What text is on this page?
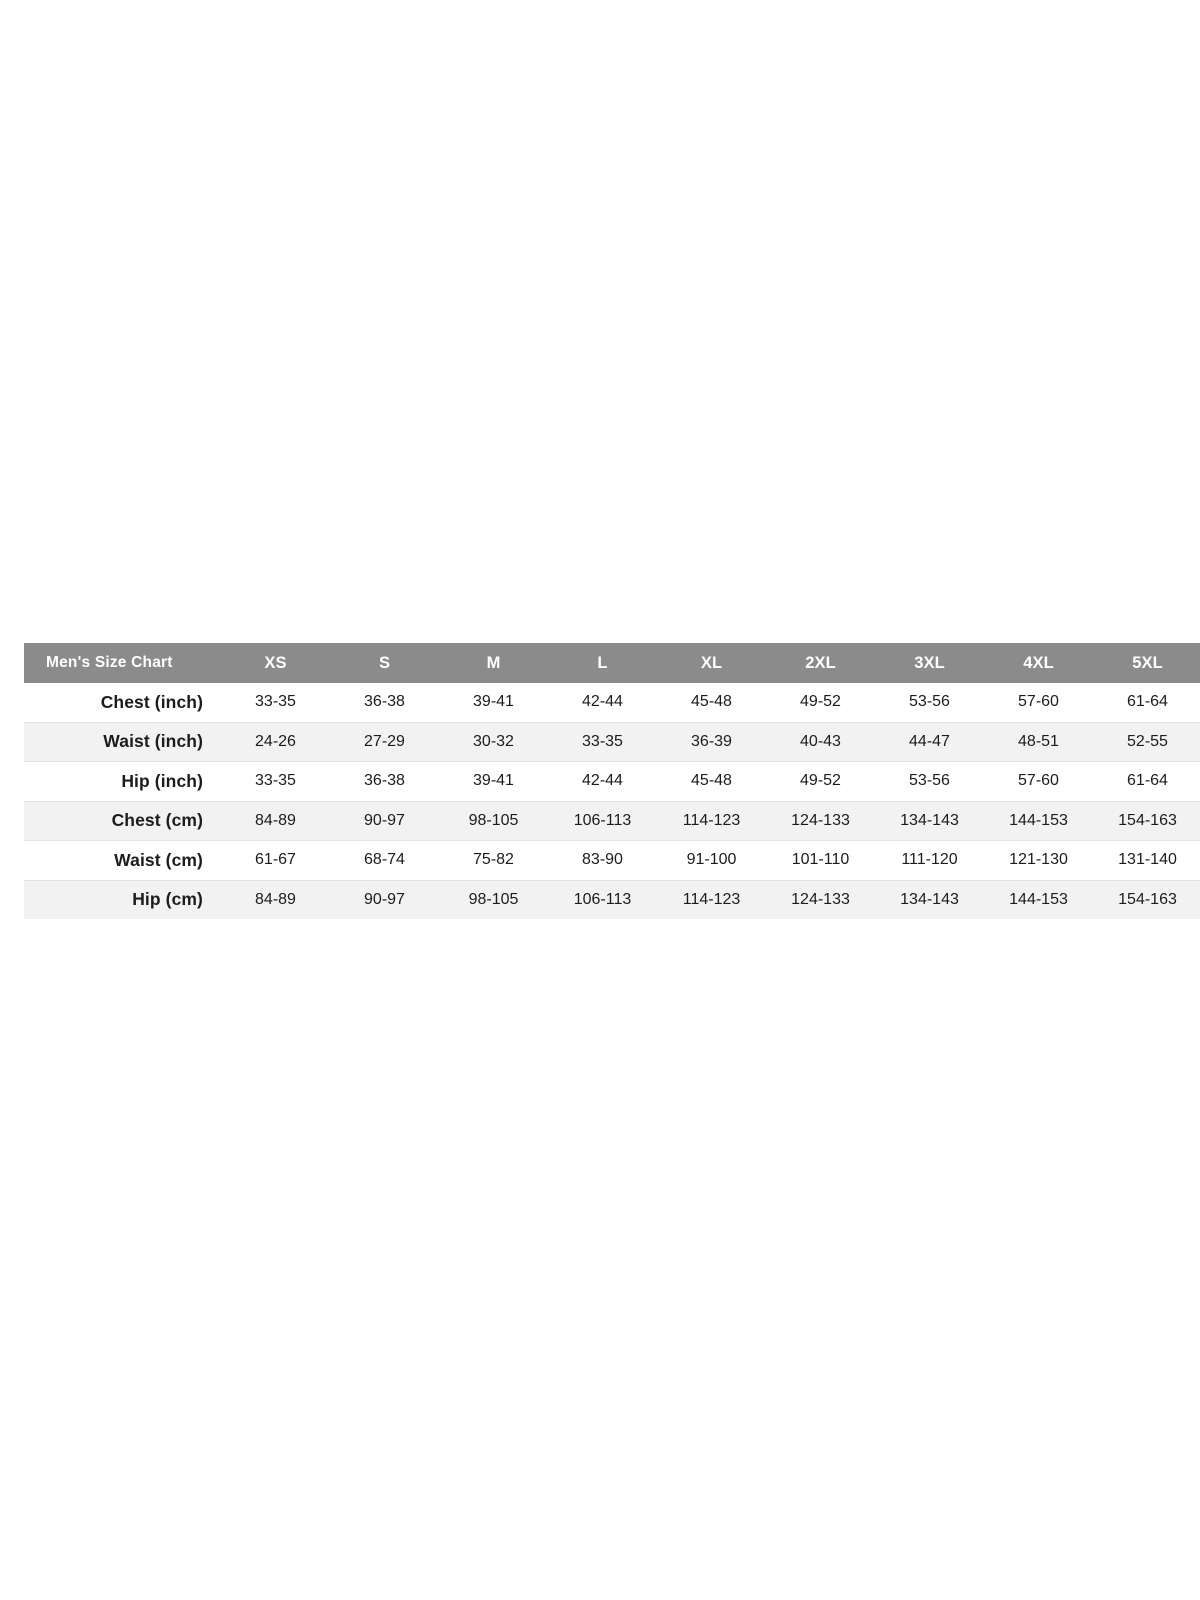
Men's Size Chart	XS	S	M	L	XL	2XL	3XL	4XL	5XL
Chest (inch)	33-35	36-38	39-41	42-44	45-48	49-52	53-56	57-60	61-64
Waist (inch)	24-26	27-29	30-32	33-35	36-39	40-43	44-47	48-51	52-55
Hip (inch)	33-35	36-38	39-41	42-44	45-48	49-52	53-56	57-60	61-64
Chest (cm)	84-89	90-97	98-105	106-113	114-123	124-133	134-143	144-153	154-163
Waist (cm)	61-67	68-74	75-82	83-90	91-100	101-110	111-120	121-130	131-140
Hip (cm)	84-89	90-97	98-105	106-113	114-123	124-133	134-143	144-153	154-163
